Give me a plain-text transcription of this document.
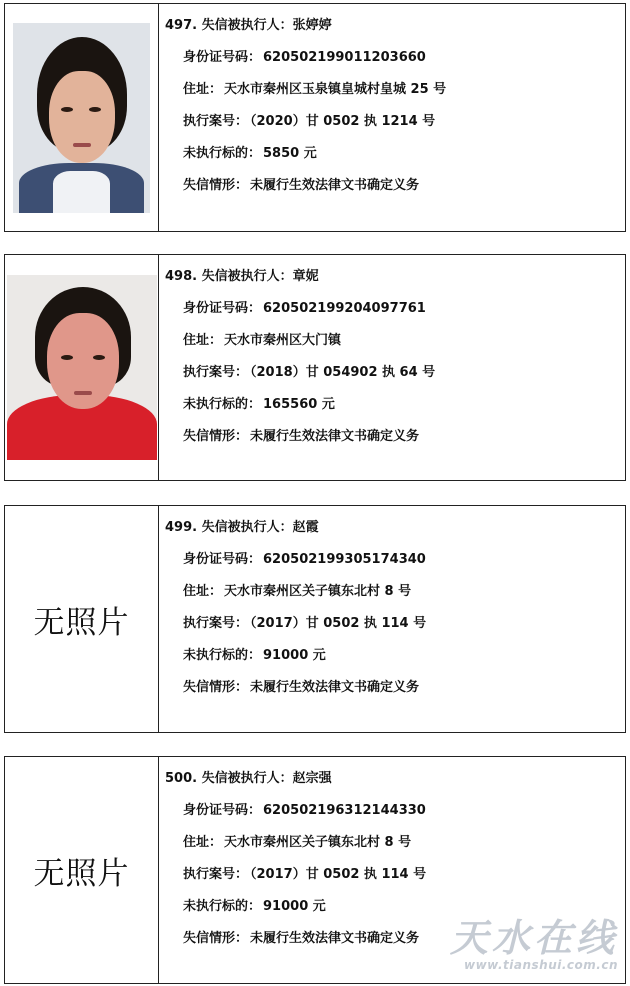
497. 失信被执行人：张婷婷
身份证号码： 620502199011203660
住址： 天水市秦州区玉泉镇皇城村皇城 25 号
执行案号： （2020）甘 0502 执 1214 号
未执行标的： 5850 元
失信情形： 未履行生效法律文书确定义务
498. 失信被执行人：章妮
身份证号码： 620502199204097761
住址： 天水市秦州区大门镇
执行案号： （2018）甘 054902 执 64 号
未执行标的： 165560 元
失信情形： 未履行生效法律文书确定义务
无照片
499. 失信被执行人：赵霞
身份证号码： 620502199305174340
住址： 天水市秦州区关子镇东北村 8 号
执行案号： （2017）甘 0502 执 114 号
未执行标的： 91000 元
失信情形： 未履行生效法律文书确定义务
无照片
500. 失信被执行人：赵宗强
身份证号码： 620502196312144330
住址： 天水市秦州区关子镇东北村 8 号
执行案号： （2017）甘 0502 执 114 号
未执行标的： 91000 元
失信情形： 未履行生效法律文书确定义务 天水在线
www.tianshui.com.cn
